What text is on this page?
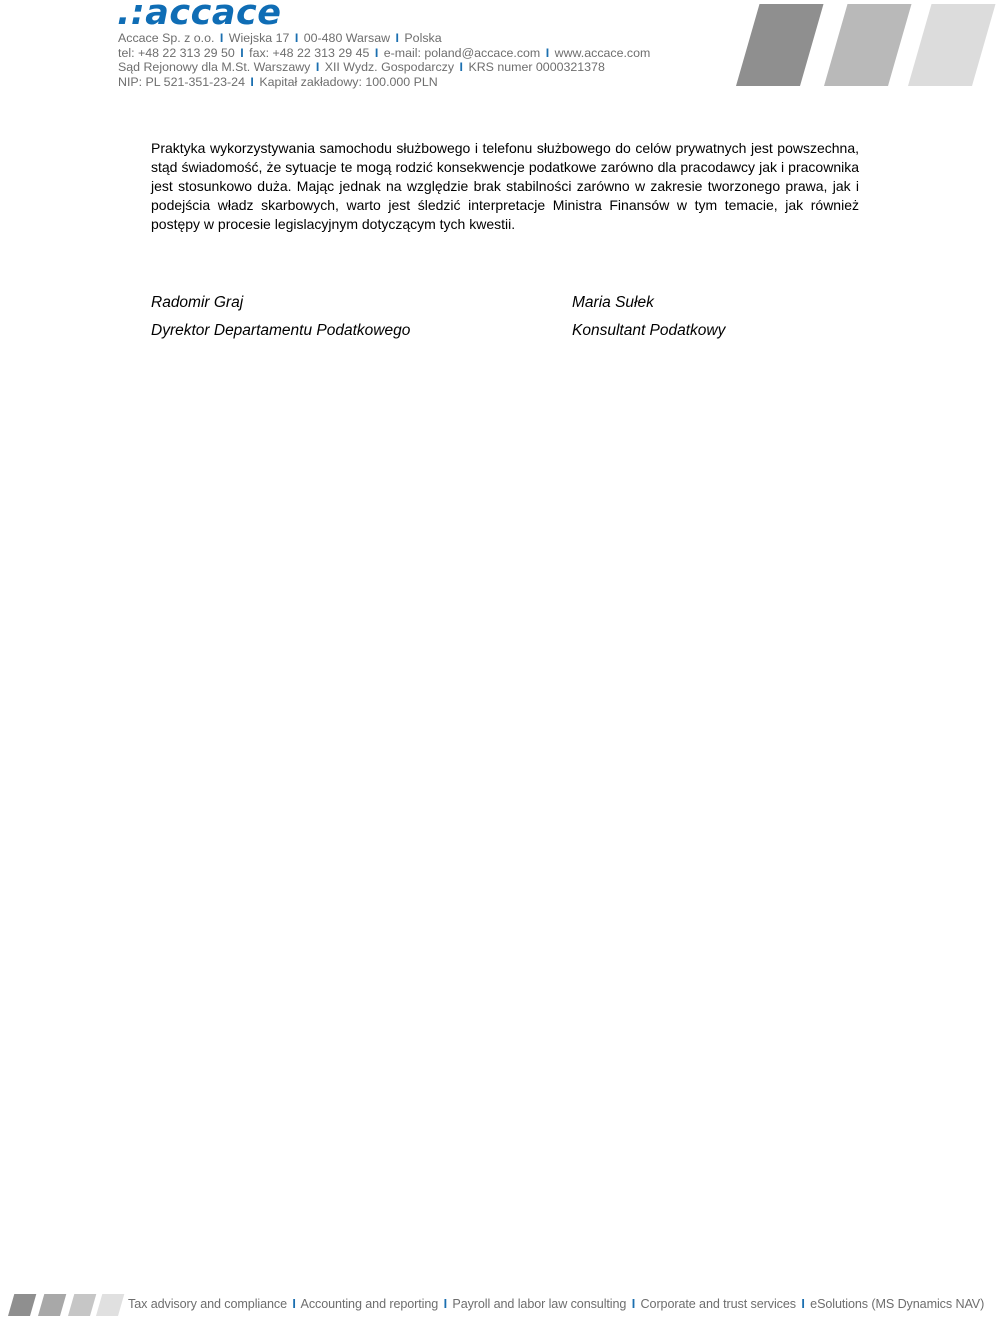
.:accace
Accace Sp. z o.o. I Wiejska 17 I 00-480 Warsaw I Polska
tel: +48 22 313 29 50 I fax: +48 22 313 29 45 I e-mail: poland@accace.com I www.accace.com
Sąd Rejonowy dla M.St. Warszawy I XII Wydz. Gospodarczy I KRS numer 0000321378
NIP: PL 521-351-23-24 I Kapitał zakładowy: 100.000 PLN
Praktyka wykorzystywania samochodu służbowego i telefonu służbowego do celów prywatnych jest powszechna, stąd świadomość, że sytuacje te mogą rodzić konsekwencje podatkowe zarówno dla pracodawcy jak i pracownika jest stosunkowo duża. Mając jednak na względzie brak stabilności zarówno w zakresie tworzonego prawa, jak i podejścia władz skarbowych, warto jest śledzić interpretacje Ministra Finansów w tym temacie, jak również postępy w procesie legislacyjnym dotyczącym tych kwestii.
Radomir Graj
Dyrektor Departamentu Podatkowego
Maria Sułek
Konsultant Podatkowy
Tax advisory and compliance I Accounting and reporting I Payroll and labor law consulting I Corporate and trust services I eSolutions (MS Dynamics NAV)
